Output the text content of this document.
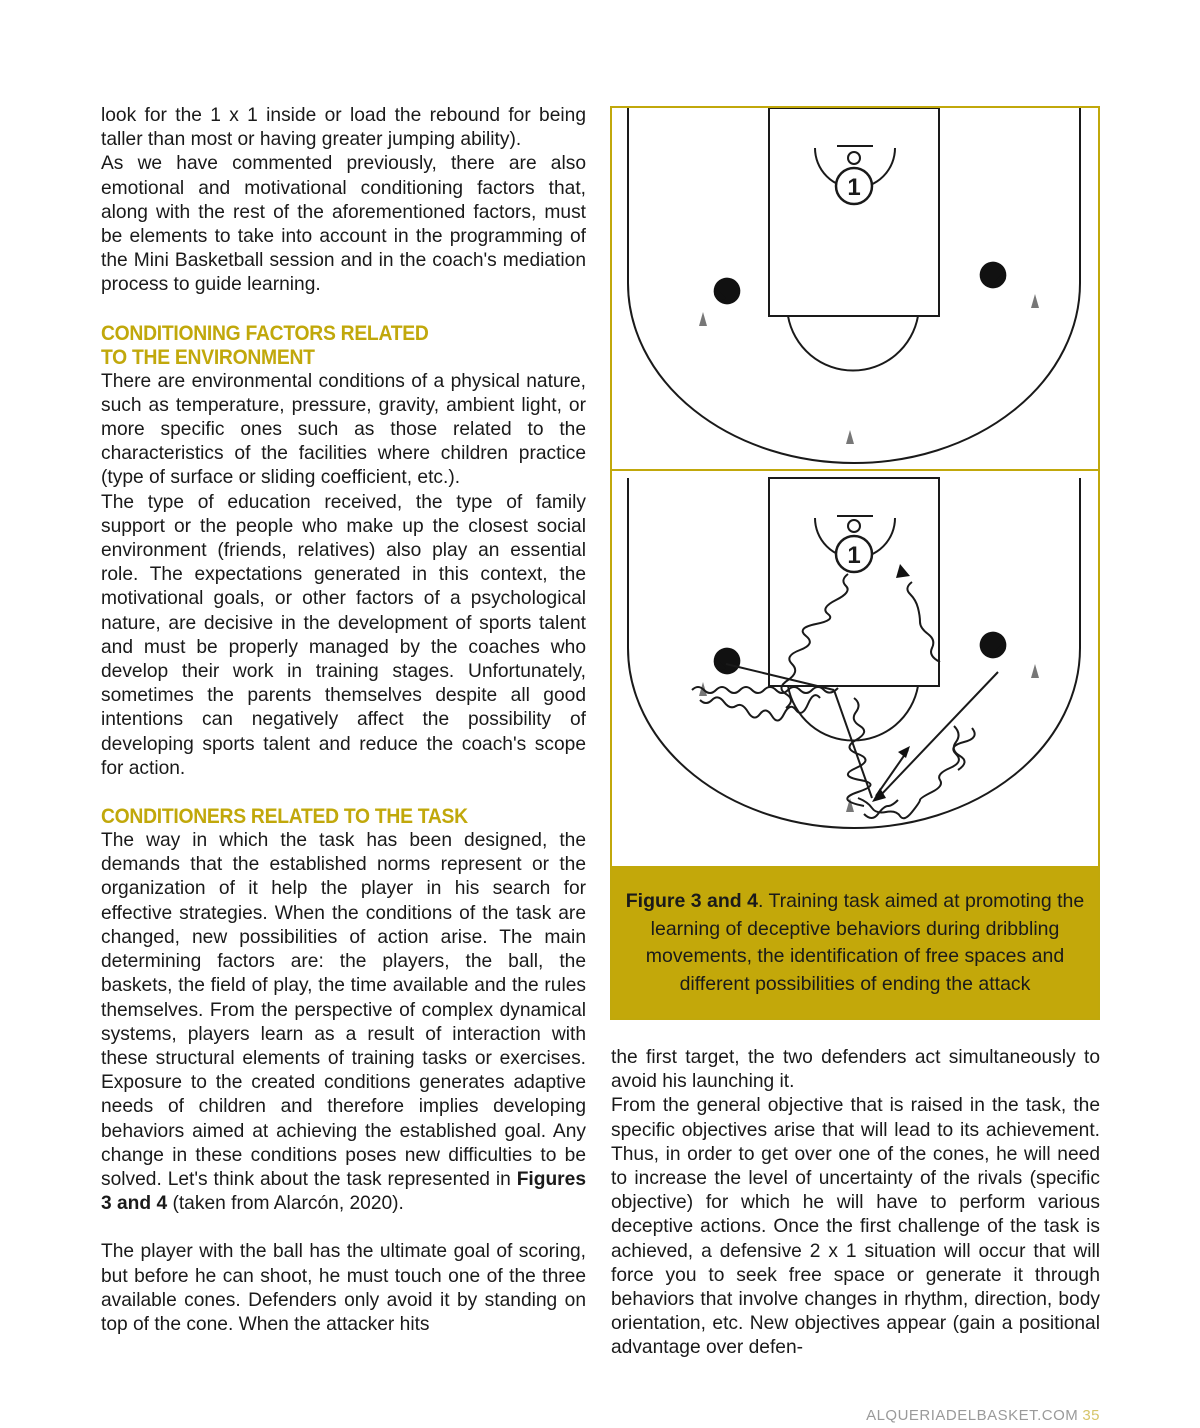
look for the 1 x 1 inside or load the rebound for being taller than most or having greater jumping ability).

As we have commented previously, there are also emotional and motivational conditioning factors that, along with the rest of the aforementioned factors, must be elements to take into account in the programming of the Mini Basketball session and in the coach's mediation process to guide learning.

CONDITIONING FACTORS RELATED
TO THE ENVIRONMENT

There are environmental conditions of a physical nature, such as temperature, pressure, gravity, ambient light, or more specific ones such as those related to the characteristics of the facilities where children practice (type of surface or sliding coefficient, etc.).

The type of education received, the type of family support or the people who make up the closest social environment (friends, relatives) also play an essential role. The expectations generated in this context, the motivational goals, or other factors of a psychological nature, are decisive in the development of sports talent and must be properly managed by the coaches who develop their work in training stages. Unfortunately, sometimes the parents themselves despite all good intentions can negatively affect the possibility of developing sports talent and reduce the coach's scope for action.

CONDITIONERS RELATED TO THE TASK

The way in which the task has been designed, the demands that the established norms represent or the organization of it help the player in his search for effective strategies. When the conditions of the task are changed, new possibilities of action arise. The main determining factors are: the players, the ball, the baskets, the field of play, the time available and the rules themselves. From the perspective of complex dynamical systems, players learn as a result of interaction with these structural elements of training tasks or exercises. Exposure to the created conditions generates adaptive needs of children and therefore implies developing behaviors aimed at achieving the established goal. Any change in these conditions poses new difficulties to be solved. Let's think about the task represented in Figures 3 and 4 (taken from Alarcón, 2020).

The player with the ball has the ultimate goal of scoring, but before he can shoot, he must touch one of the three available cones. Defenders only avoid it by standing on top of the cone. When the attacker hits

1
1

Figure 3 and 4. Training task aimed at promoting the learning of deceptive behaviors during dribbling movements, the identification of free spaces and different possibilities of ending the attack

the first target, the two defenders act simultaneously to avoid his launching it.

From the general objective that is raised in the task, the specific objectives arise that will lead to its achievement. Thus, in order to get over one of the cones, he will need to increase the level of uncertainty of the rivals (specific objective) for which he will have to perform various deceptive actions. Once the first challenge of the task is achieved, a defensive 2 x 1 situation will occur that will force you to seek free space or generate it through behaviors that involve changes in rhythm, direction, body orientation, etc. New objectives appear (gain a positional advantage over defen-

ALQUERIADELBASKET.COM 35
